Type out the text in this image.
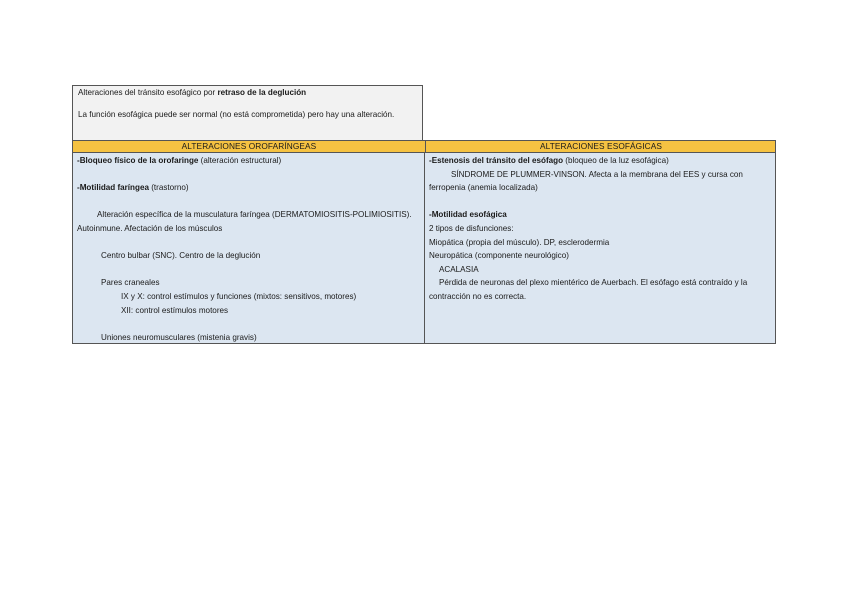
Alteraciones del tránsito esofágico por retraso de la deglución

La función esofágica puede ser normal (no está comprometida) pero hay una alteración.

ALTERACIONES OROFARÍNGEAS	ALTERACIONES ESOFÁGICAS

-Bloqueo físico de la orofaringe (alteración estructural)

-Motilidad faríngea (trastorno)

Alteración específica de la musculatura faríngea (DERMATOMIOSITIS-POLIMIOSITIS). Autoinmune. Afectación de los músculos

Centro bulbar (SNC). Centro de la deglución

Pares craneales

IX y X: control estímulos y funciones (mixtos: sensitivos, motores)

XII: control estímulos motores

Uniones neuromusculares (mistenia gravis)

-Estenosis del tránsito del esófago (bloqueo de la luz esofágica)

SÍNDROME DE PLUMMER-VINSON. Afecta a la membrana del EES y cursa con ferropenia (anemia localizada)

-Motilidad esofágica

2 tipos de disfunciones:

Miopática (propia del músculo). DP, esclerodermia

Neuropática (componente neurológico)

ACALASIA

Pérdida de neuronas del plexo mientérico de Auerbach. El esófago está contraído y la contracción no es correcta.
